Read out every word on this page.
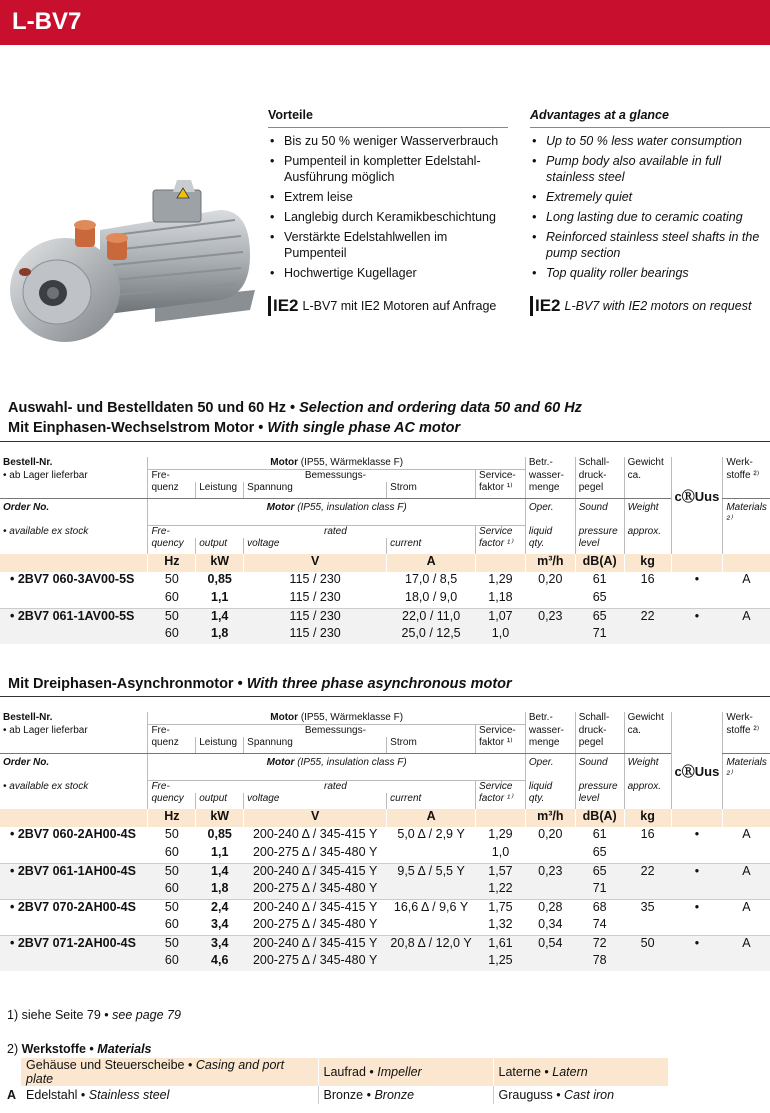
L-BV7
Vorteile
• Bis zu 50 % weniger Wasserverbrauch
• Pumpenteil in kompletter Edelstahl-Ausführung möglich
• Extrem leise
• Langlebig durch Keramikbeschichtung
• Verstärkte Edelstahlwellen im Pumpenteil
• Hochwertige Kugellager
Advantages at a glance
• Up to 50 % less water consumption
• Pump body also available in full stainless steel
• Extremely quiet
• Long lasting due to ceramic coating
• Reinforced stainless steel shafts in the pump section
• Top quality roller bearings
IE2 L-BV7 mit IE2 Motoren auf Anfrage IE2 L-BV7 with IE2 motors on request
Auswahl- und Bestelldaten 50 und 60 Hz • Selection and ordering data 50 and 60 Hz
Mit Einphasen-Wechselstrom Motor • With single phase AC motor
Bestell-Nr.	Motor (IP55, Wärmeklasse F)					Betr.-	Schall-	Gewicht	cⓇUus	Werk-
• ab Lager lieferbar	Fre-	Bemessungs-			Service-	wasser-	druck-	ca.		stoffe ²⁾
	quenz	Leistung	Spannung	Strom	faktor ¹⁾	menge	pegel			
Order No.	Motor (IP55, insulation class F)					Oper.	Sound	Weight		Materials ²⁾
• available ex stock	Fre-	rated			Service	liquid	pressure	approx.		
	quency	output	voltage	current	factor ¹⁾	qty.	level			
	Hz	kW	V	A		m³/h	dB(A)	kg		
• 2BV7 060-3AV00-5S	50	0,85	115 / 230	17,0 / 8,5	1,29	0,20	61	16	•	A
	60	1,1	115 / 230	18,0 / 9,0	1,18		65			
• 2BV7 061-1AV00-5S	50	1,4	115 / 230	22,0 / 11,0	1,07	0,23	65	22	•	A
	60	1,8	115 / 230	25,0 / 12,5	1,0		71			
Mit Dreiphasen-Asynchronmotor • With three phase asynchronous motor
Bestell-Nr.	Motor (IP55, Wärmeklasse F)					Betr.-	Schall-	Gewicht	cⓇUus	Werk-
• ab Lager lieferbar	Fre-	Bemessungs-			Service-	wasser-	druck-	ca.		stoffe ²⁾
	quenz	Leistung	Spannung	Strom	faktor ¹⁾	menge	pegel			
Order No.	Motor (IP55, insulation class F)					Oper.	Sound	Weight		Materials ²⁾
• available ex stock	Fre-	rated			Service	liquid	pressure	approx.		
	quency	output	voltage	current	factor ¹⁾	qty.	level			
	Hz	kW	V	A		m³/h	dB(A)	kg		
• 2BV7 060-2AH00-4S	50	0,85	200-240 Δ / 345-415 Y	5,0 Δ / 2,9 Y	1,29	0,20	61	16	•	A
	60	1,1	200-275 Δ / 345-480 Y		1,0		65			
• 2BV7 061-1AH00-4S	50	1,4	200-240 Δ / 345-415 Y	9,5 Δ / 5,5 Y	1,57	0,23	65	22	•	A
	60	1,8	200-275 Δ / 345-480 Y		1,22		71			
• 2BV7 070-2AH00-4S	50	2,4	200-240 Δ / 345-415 Y	16,6 Δ / 9,6 Y	1,75	0,28	68	35	•	A
	60	3,4	200-275 Δ / 345-480 Y		1,32	0,34	74			
• 2BV7 071-2AH00-4S	50	3,4	200-240 Δ / 345-415 Y	20,8 Δ / 12,0 Y	1,61	0,54	72	50	•	A
	60	4,6	200-275 Δ / 345-480 Y		1,25		78			
1) siehe Seite 79 • see page 79
2) Werkstoffe • Materials
	Gehäuse und Steuerscheibe • Casing and port plate	Laufrad • Impeller	Laterne • Latern
A	Edelstahl • Stainless steel	Bronze • Bronze	Grauguss • Cast iron
